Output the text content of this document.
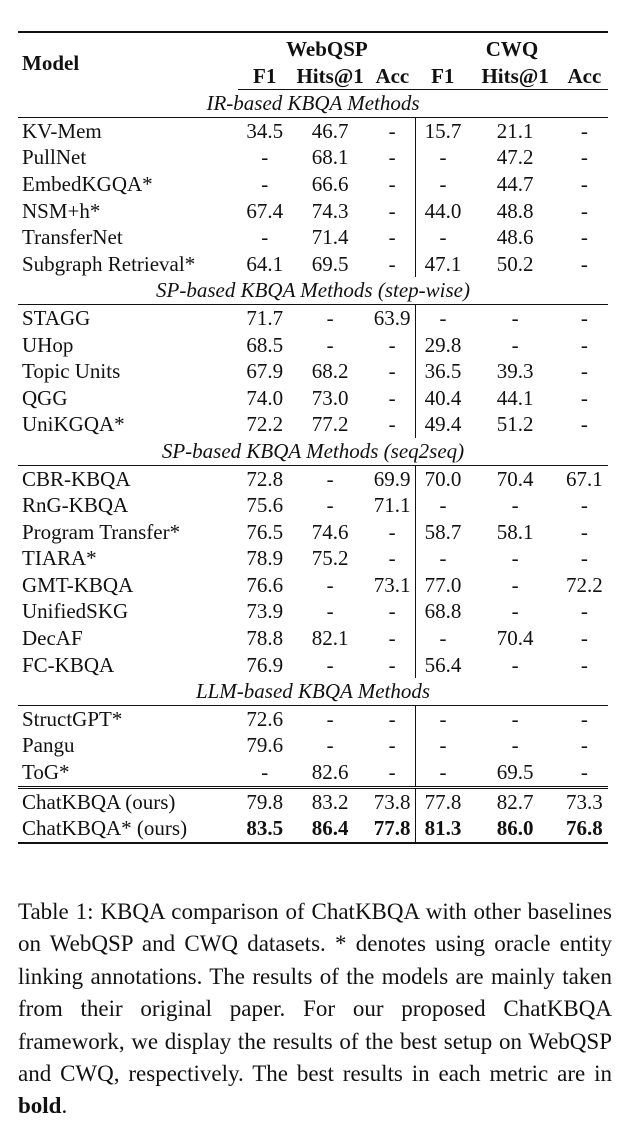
Model	WebQSP			CWQ		
	F1	Hits@1	Acc	F1	Hits@1	Acc
IR-based KBQA Methods						
KV-Mem	34.5	46.7	-	15.7	21.1	-
PullNet	-	68.1	-	-	47.2	-
EmbedKGQA*	-	66.6	-	-	44.7	-
NSM+h*	67.4	74.3	-	44.0	48.8	-
TransferNet	-	71.4	-	-	48.6	-
Subgraph Retrieval*	64.1	69.5	-	47.1	50.2	-
SP-based KBQA Methods (step-wise)						
STAGG	71.7	-	63.9	-	-	-
UHop	68.5	-	-	29.8	-	-
Topic Units	67.9	68.2	-	36.5	39.3	-
QGG	74.0	73.0	-	40.4	44.1	-
UniKGQA*	72.2	77.2	-	49.4	51.2	-
SP-based KBQA Methods (seq2seq)						
CBR-KBQA	72.8	-	69.9	70.0	70.4	67.1
RnG-KBQA	75.6	-	71.1	-	-	-
Program Transfer*	76.5	74.6	-	58.7	58.1	-
TIARA*	78.9	75.2	-	-	-	-
GMT-KBQA	76.6	-	73.1	77.0	-	72.2
UnifiedSKG	73.9	-	-	68.8	-	-
DecAF	78.8	82.1	-	-	70.4	-
FC-KBQA	76.9	-	-	56.4	-	-
LLM-based KBQA Methods						
StructGPT*	72.6	-	-	-	-	-
Pangu	79.6	-	-	-	-	-
ToG*	-	82.6	-	-	69.5	-
ChatKBQA (ours)	79.8	83.2	73.8	77.8	82.7	73.3
ChatKBQA* (ours)	83.5	86.4	77.8	81.3	86.0	76.8

Table 1: KBQA comparison of ChatKBQA with other baselines on WebQSP and CWQ datasets. * denotes using oracle entity linking annotations. The results of the models are mainly taken from their original paper. For our proposed ChatKBQA framework, we display the results of the best setup on WebQSP and CWQ, respectively. The best results in each metric are in bold.
